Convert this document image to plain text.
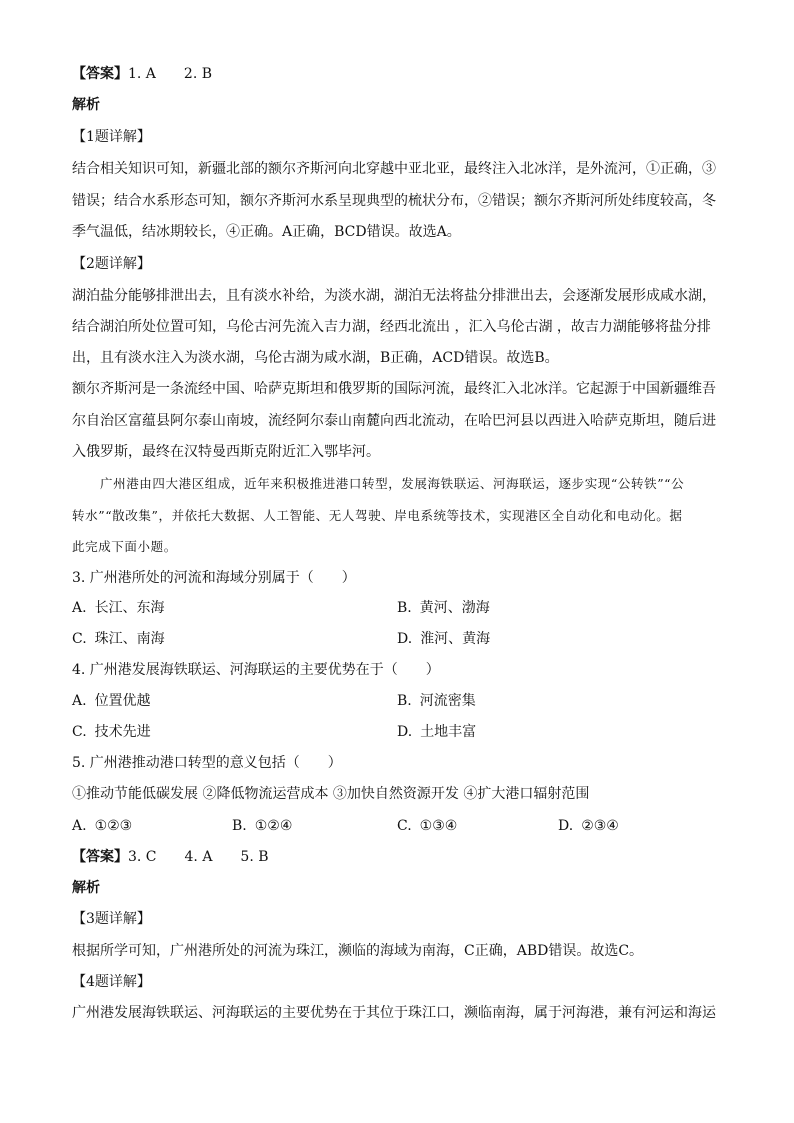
【答案】1. A　　2. B
解析
【1题详解】
结合相关知识可知，新疆北部的额尔齐斯河向北穿越中亚北亚，最终注入北冰洋，是外流河，①正确，③
错误；结合水系形态可知，额尔齐斯河水系呈现典型的梳状分布，②错误；额尔齐斯河所处纬度较高，冬
季气温低，结冰期较长，④正确。A正确，BCD错误。故选A。
【2题详解】
湖泊盐分能够排泄出去，且有淡水补给，为淡水湖，湖泊无法将盐分排泄出去，会逐渐发展形成咸水湖，
结合湖泊所处位置可知，乌伦古河先流入吉力湖，经西北流出 ，汇入乌伦古湖 ，故吉力湖能够将盐分排
出，且有淡水注入为淡水湖，乌伦古湖为咸水湖，B正确，ACD错误。故选B。
额尔齐斯河是一条流经中国、哈萨克斯坦和俄罗斯的国际河流，最终汇入北冰洋。它起源于中国新疆维吾
尔自治区富蕴县阿尔泰山南坡，流经阿尔泰山南麓向西北流动，在哈巴河县以西进入哈萨克斯坦，随后进
入俄罗斯，最终在汉特曼西斯克附近汇入鄂毕河。
广州港由四大港区组成，近年来积极推进港口转型，发展海铁联运、河海联运，逐步实现“公转铁”“公
转水”“散改集”，并依托大数据、人工智能、无人驾驶、岸电系统等技术，实现港区全自动化和电动化。据
此完成下面小题。
3. 广州港所处的河流和海域分别属于（　　）
A. 长江、东海	B. 黄河、渤海
C. 珠江、南海	D. 淮河、黄海
4. 广州港发展海铁联运、河海联运的主要优势在于（　　）
A. 位置优越	B. 河流密集
C. 技术先进	D. 土地丰富
5. 广州港推动港口转型的意义包括（　　）
①推动节能低碳发展 ②降低物流运营成本 ③加快自然资源开发 ④扩大港口辐射范围
A. ①②③	B. ①②④	C. ①③④	D. ②③④
【答案】3. C　　4. A　　5. B
解析
【3题详解】
根据所学可知，广州港所处的河流为珠江，濒临的海域为南海，C正确，ABD错误。故选C。
【4题详解】
广州港发展海铁联运、河海联运的主要优势在于其位于珠江口，濒临南海，属于河海港，兼有河运和海运
